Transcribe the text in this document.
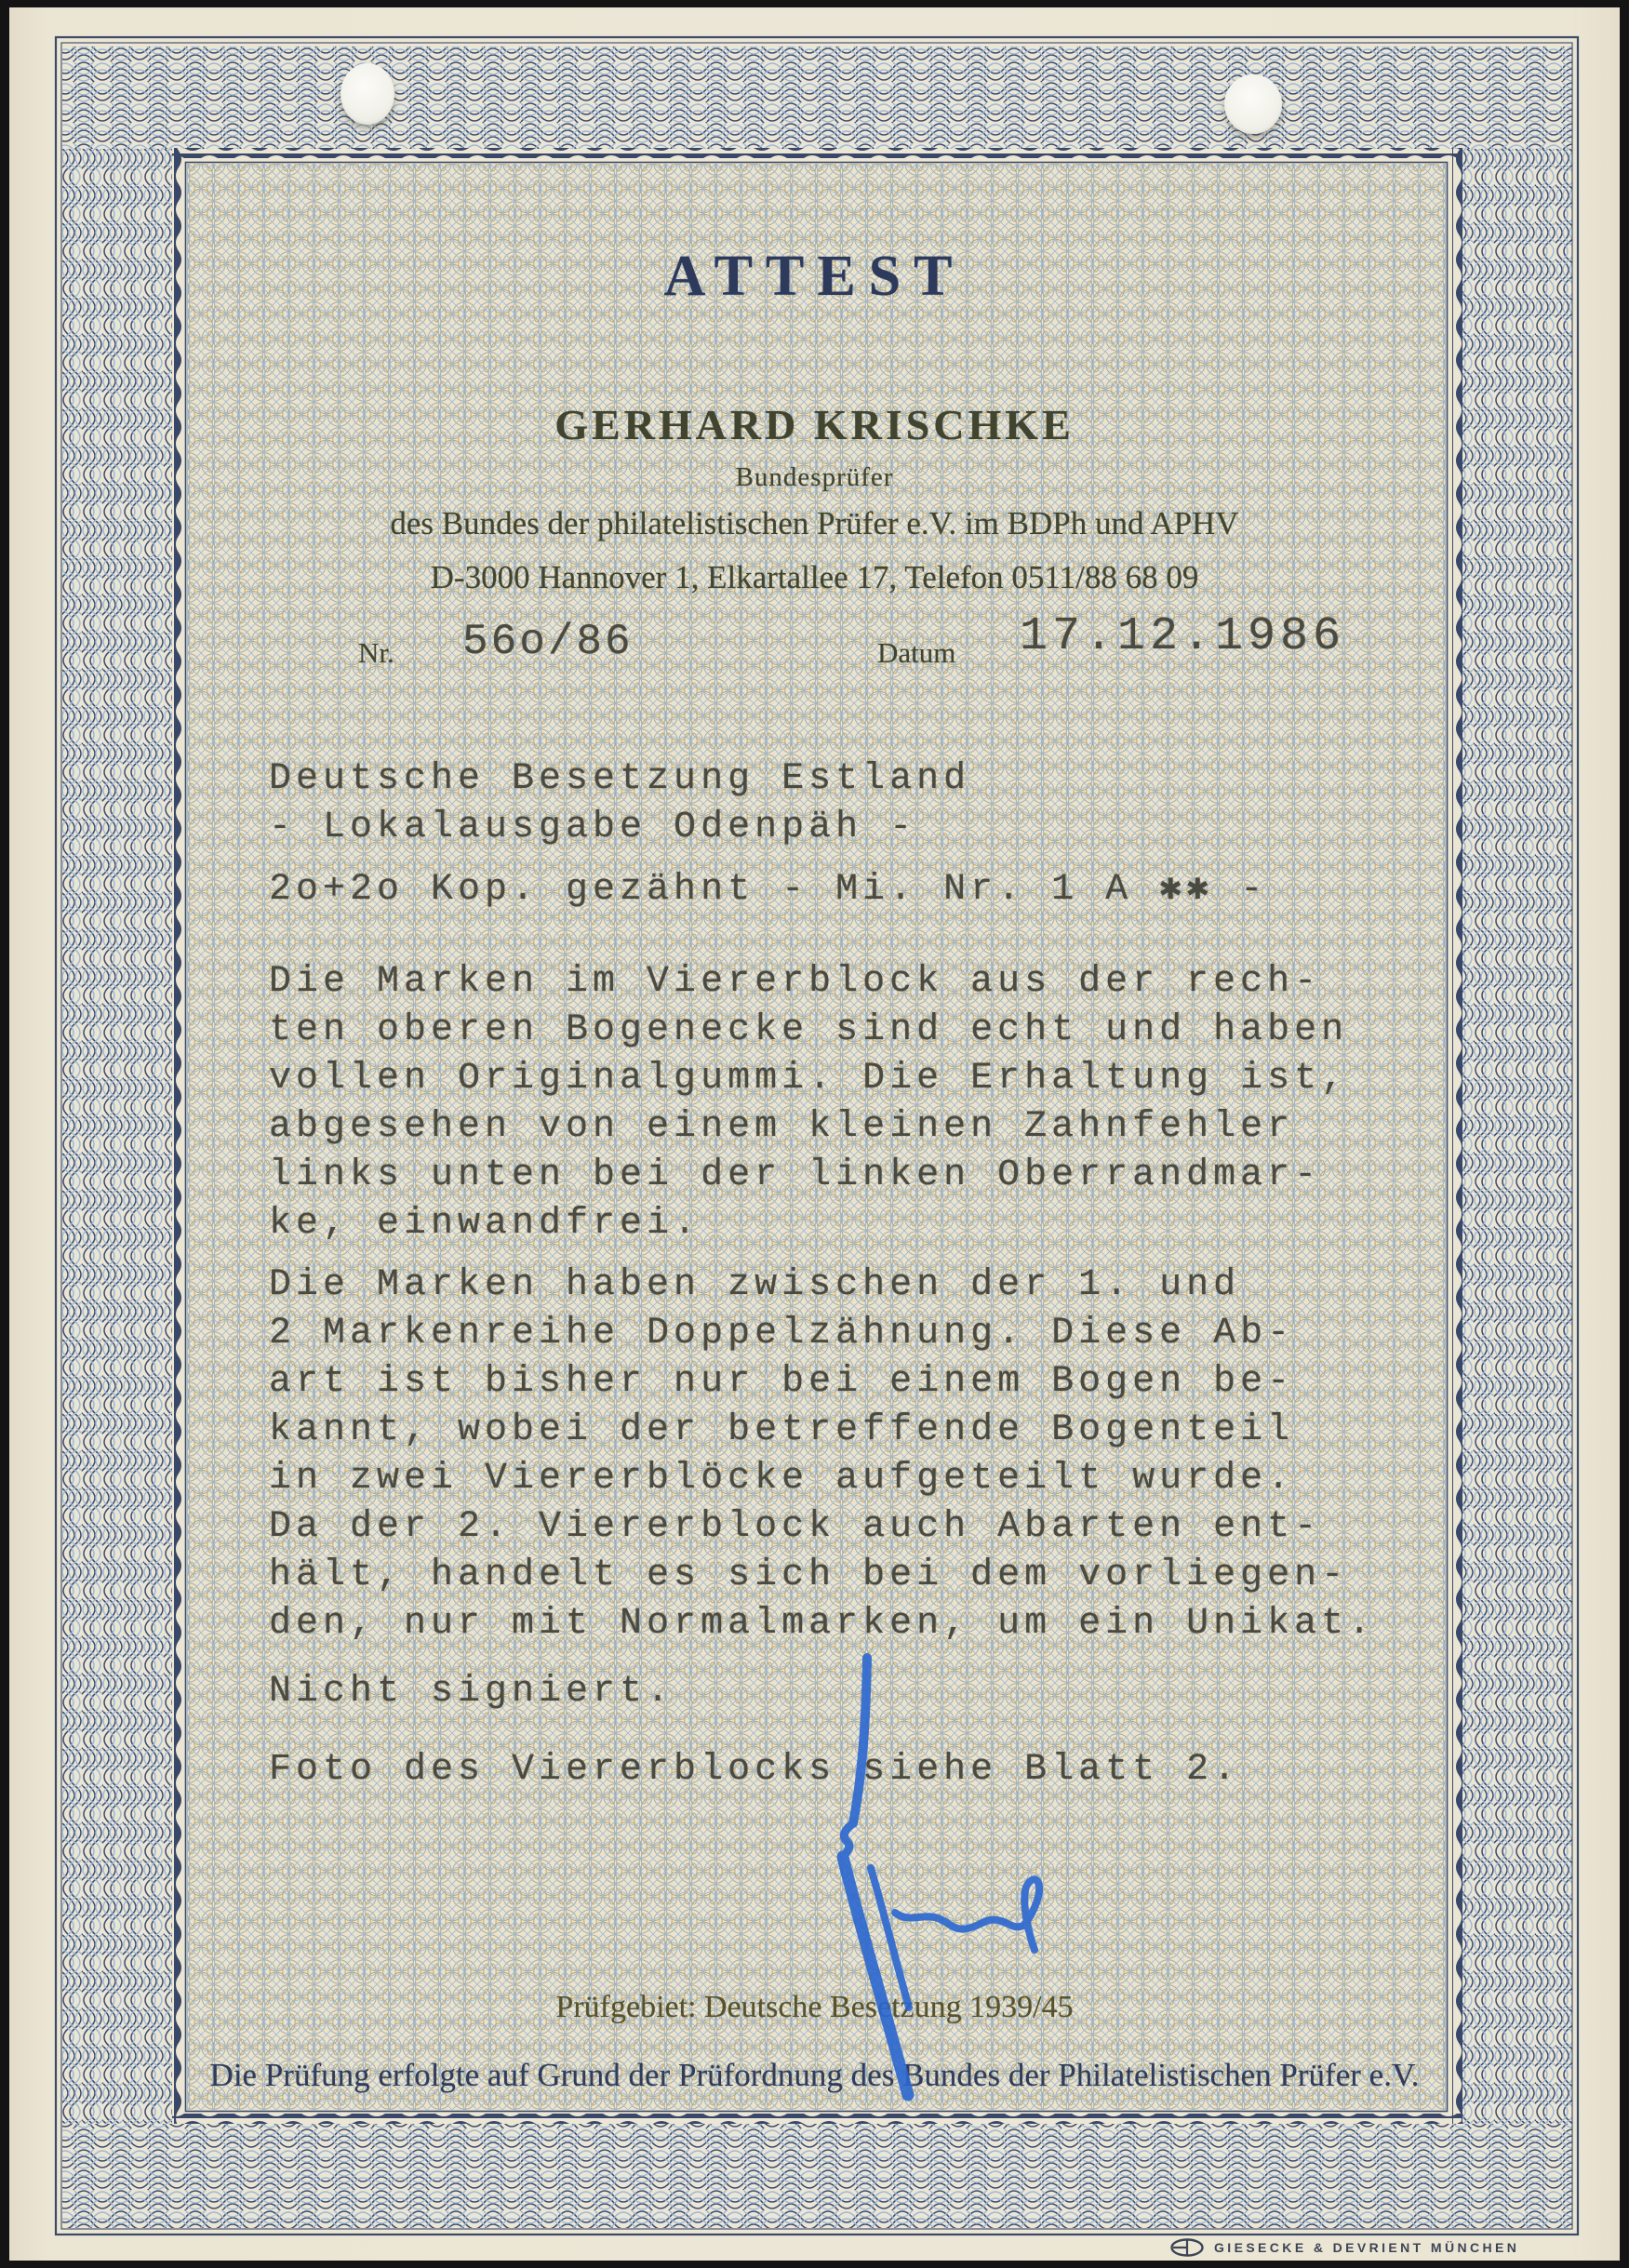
ATTEST
GERHARD KRISCHKE
Bundesprüfer
des Bundes der philatelistischen Prüfer e.V. im BDPh und APHV
D-3000 Hannover 1, Elkartallee 17, Telefon 0511/88 68 09
Nr. 56o/86	Datum 17.12.1986
Deutsche Besetzung Estland
- Lokalausgabe Odenpäh -
2o+2o Kop. gezähnt - Mi. Nr. 1 A ✱✱ -
Die Marken im Viererblock aus der rech-
ten oberen Bogenecke sind echt und haben
vollen Originalgummi. Die Erhaltung ist,
abgesehen von einem kleinen Zahnfehler
links unten bei der linken Oberrandmar-
ke, einwandfrei.
Die Marken haben zwischen der 1. und
2 Markenreihe Doppelzähnung. Diese Ab-
art ist bisher nur bei einem Bogen be-
kannt, wobei der betreffende Bogenteil
in zwei Viererblöcke aufgeteilt wurde.
Da der 2. Viererblock auch Abarten ent-
hält, handelt es sich bei dem vorliegen-
den, nur mit Normalmarken, um ein Unikat.
Nicht signiert.
Foto des Viererblocks siehe Blatt 2.
Prüfgebiet: Deutsche Besetzung 1939/45
Die Prüfung erfolgte auf Grund der Prüfordnung des Bundes der Philatelistischen Prüfer e.V.
GIESECKE & DEVRIENT MÜNCHEN
